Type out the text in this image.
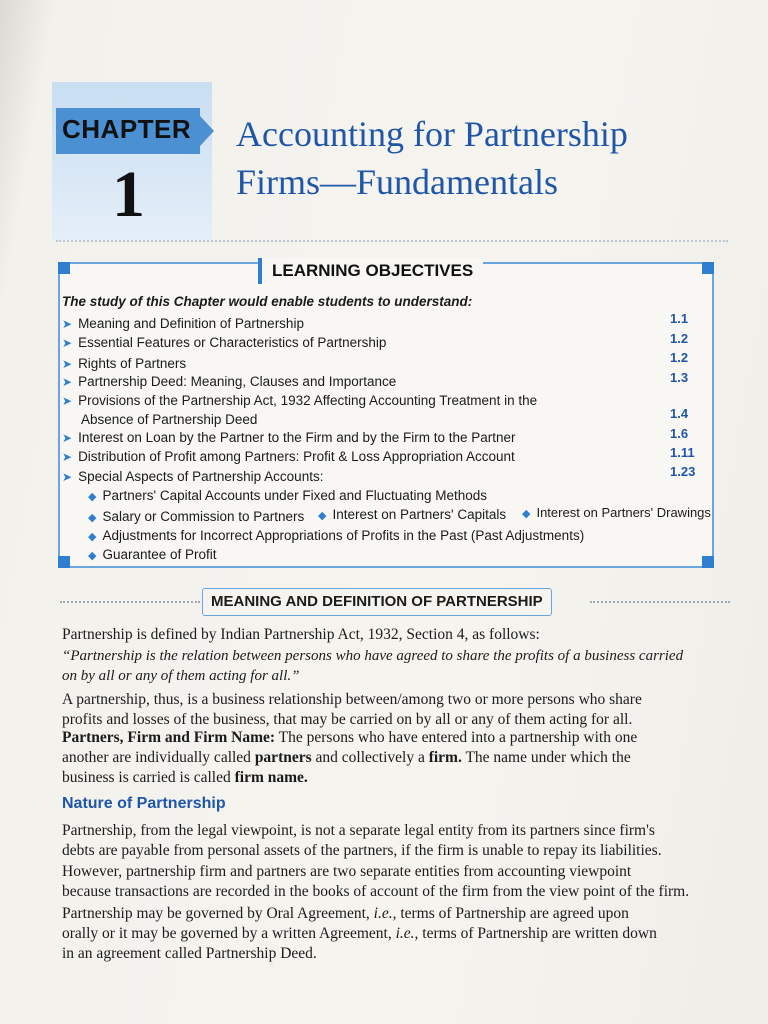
CHAPTER
1
Accounting for Partnership
Firms—Fundamentals
LEARNING OBJECTIVES
The study of this Chapter would enable students to understand:
➤ Meaning and Definition of Partnership
➤ Essential Features or Characteristics of Partnership
➤ Rights of Partners
➤ Partnership Deed: Meaning, Clauses and Importance
➤ Provisions of the Partnership Act, 1932 Affecting Accounting Treatment in the
Absence of Partnership Deed
➤ Interest on Loan by the Partner to the Firm and by the Firm to the Partner
➤ Distribution of Profit among Partners: Profit & Loss Appropriation Account
➤ Special Aspects of Partnership Accounts:
1.1
1.2
1.2
1.3
1.4
1.6
1.11
1.23
◆ Partners' Capital Accounts under Fixed and Fluctuating Methods
◆ Salary or Commission to Partners ◆ Interest on Partners' Capitals ◆ Interest on Partners' Drawings
◆ Adjustments for Incorrect Appropriations of Profits in the Past (Past Adjustments)
◆ Guarantee of Profit
MEANING AND DEFINITION OF PARTNERSHIP
Partnership is defined by Indian Partnership Act, 1932, Section 4, as follows:
“Partnership is the relation between persons who have agreed to share the profits of a business carried
on by all or any of them acting for all.”
A partnership, thus, is a business relationship between/among two or more persons who share
profits and losses of the business, that may be carried on by all or any of them acting for all.
Partners, Firm and Firm Name: The persons who have entered into a partnership with one
another are individually called partners and collectively a firm. The name under which the
business is carried is called firm name.
Nature of Partnership
Partnership, from the legal viewpoint, is not a separate legal entity from its partners since firm's
debts are payable from personal assets of the partners, if the firm is unable to repay its liabilities.
However, partnership firm and partners are two separate entities from accounting viewpoint
because transactions are recorded in the books of account of the firm from the view point of the firm.
Partnership may be governed by Oral Agreement, i.e., terms of Partnership are agreed upon
orally or it may be governed by a written Agreement, i.e., terms of Partnership are written down
in an agreement called Partnership Deed.
